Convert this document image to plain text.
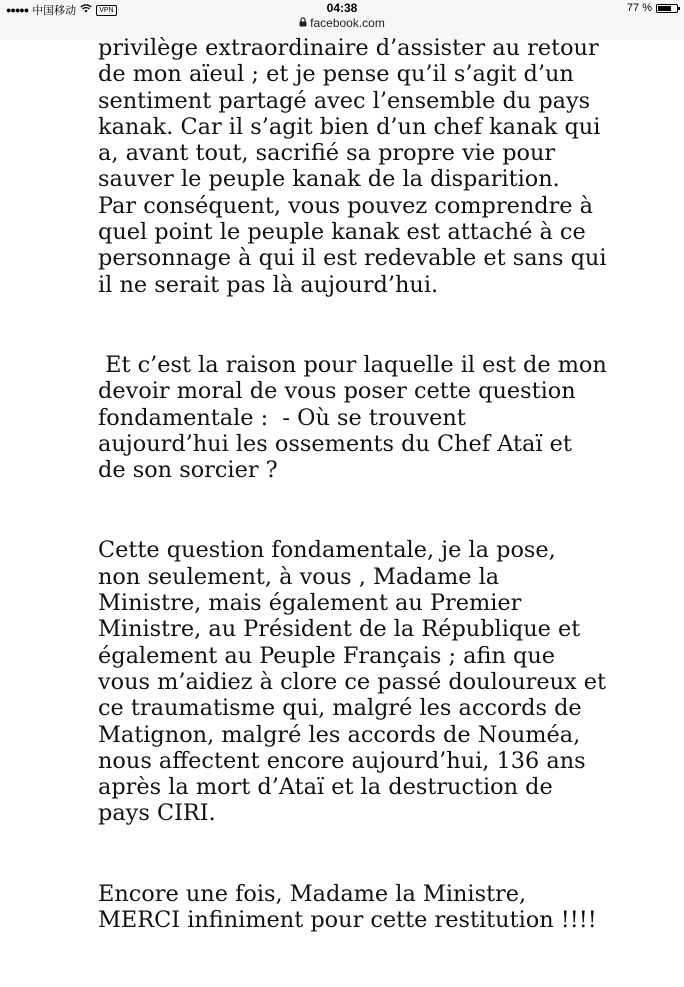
●●●●● 中国移动	VPN	04:38	77 %
facebook.com

privilège extraordinaire d’assister au retour
de mon aïeul ; et je pense qu’il s’agit d’un
sentiment partagé avec l’ensemble du pays
kanak. Car il s’agit bien d’un chef kanak qui
a, avant tout, sacrifié sa propre vie pour
sauver le peuple kanak de la disparition.
Par conséquent, vous pouvez comprendre à
quel point le peuple kanak est attaché à ce
personnage à qui il est redevable et sans qui
il ne serait pas là aujourd’hui.

Et c’est la raison pour laquelle il est de mon
devoir moral de vous poser cette question
fondamentale :  - Où se trouvent
aujourd’hui les ossements du Chef Ataï et
de son sorcier ?

Cette question fondamentale, je la pose,
non seulement, à vous , Madame la
Ministre, mais également au Premier
Ministre, au Président de la République et
également au Peuple Français ; afin que
vous m’aidiez à clore ce passé douloureux et
ce traumatisme qui, malgré les accords de
Matignon, malgré les accords de Nouméa,
nous affectent encore aujourd’hui, 136 ans
après la mort d’Ataï et la destruction de
pays CIRI.

Encore une fois, Madame la Ministre,
MERCI infiniment pour cette restitution !!!!
